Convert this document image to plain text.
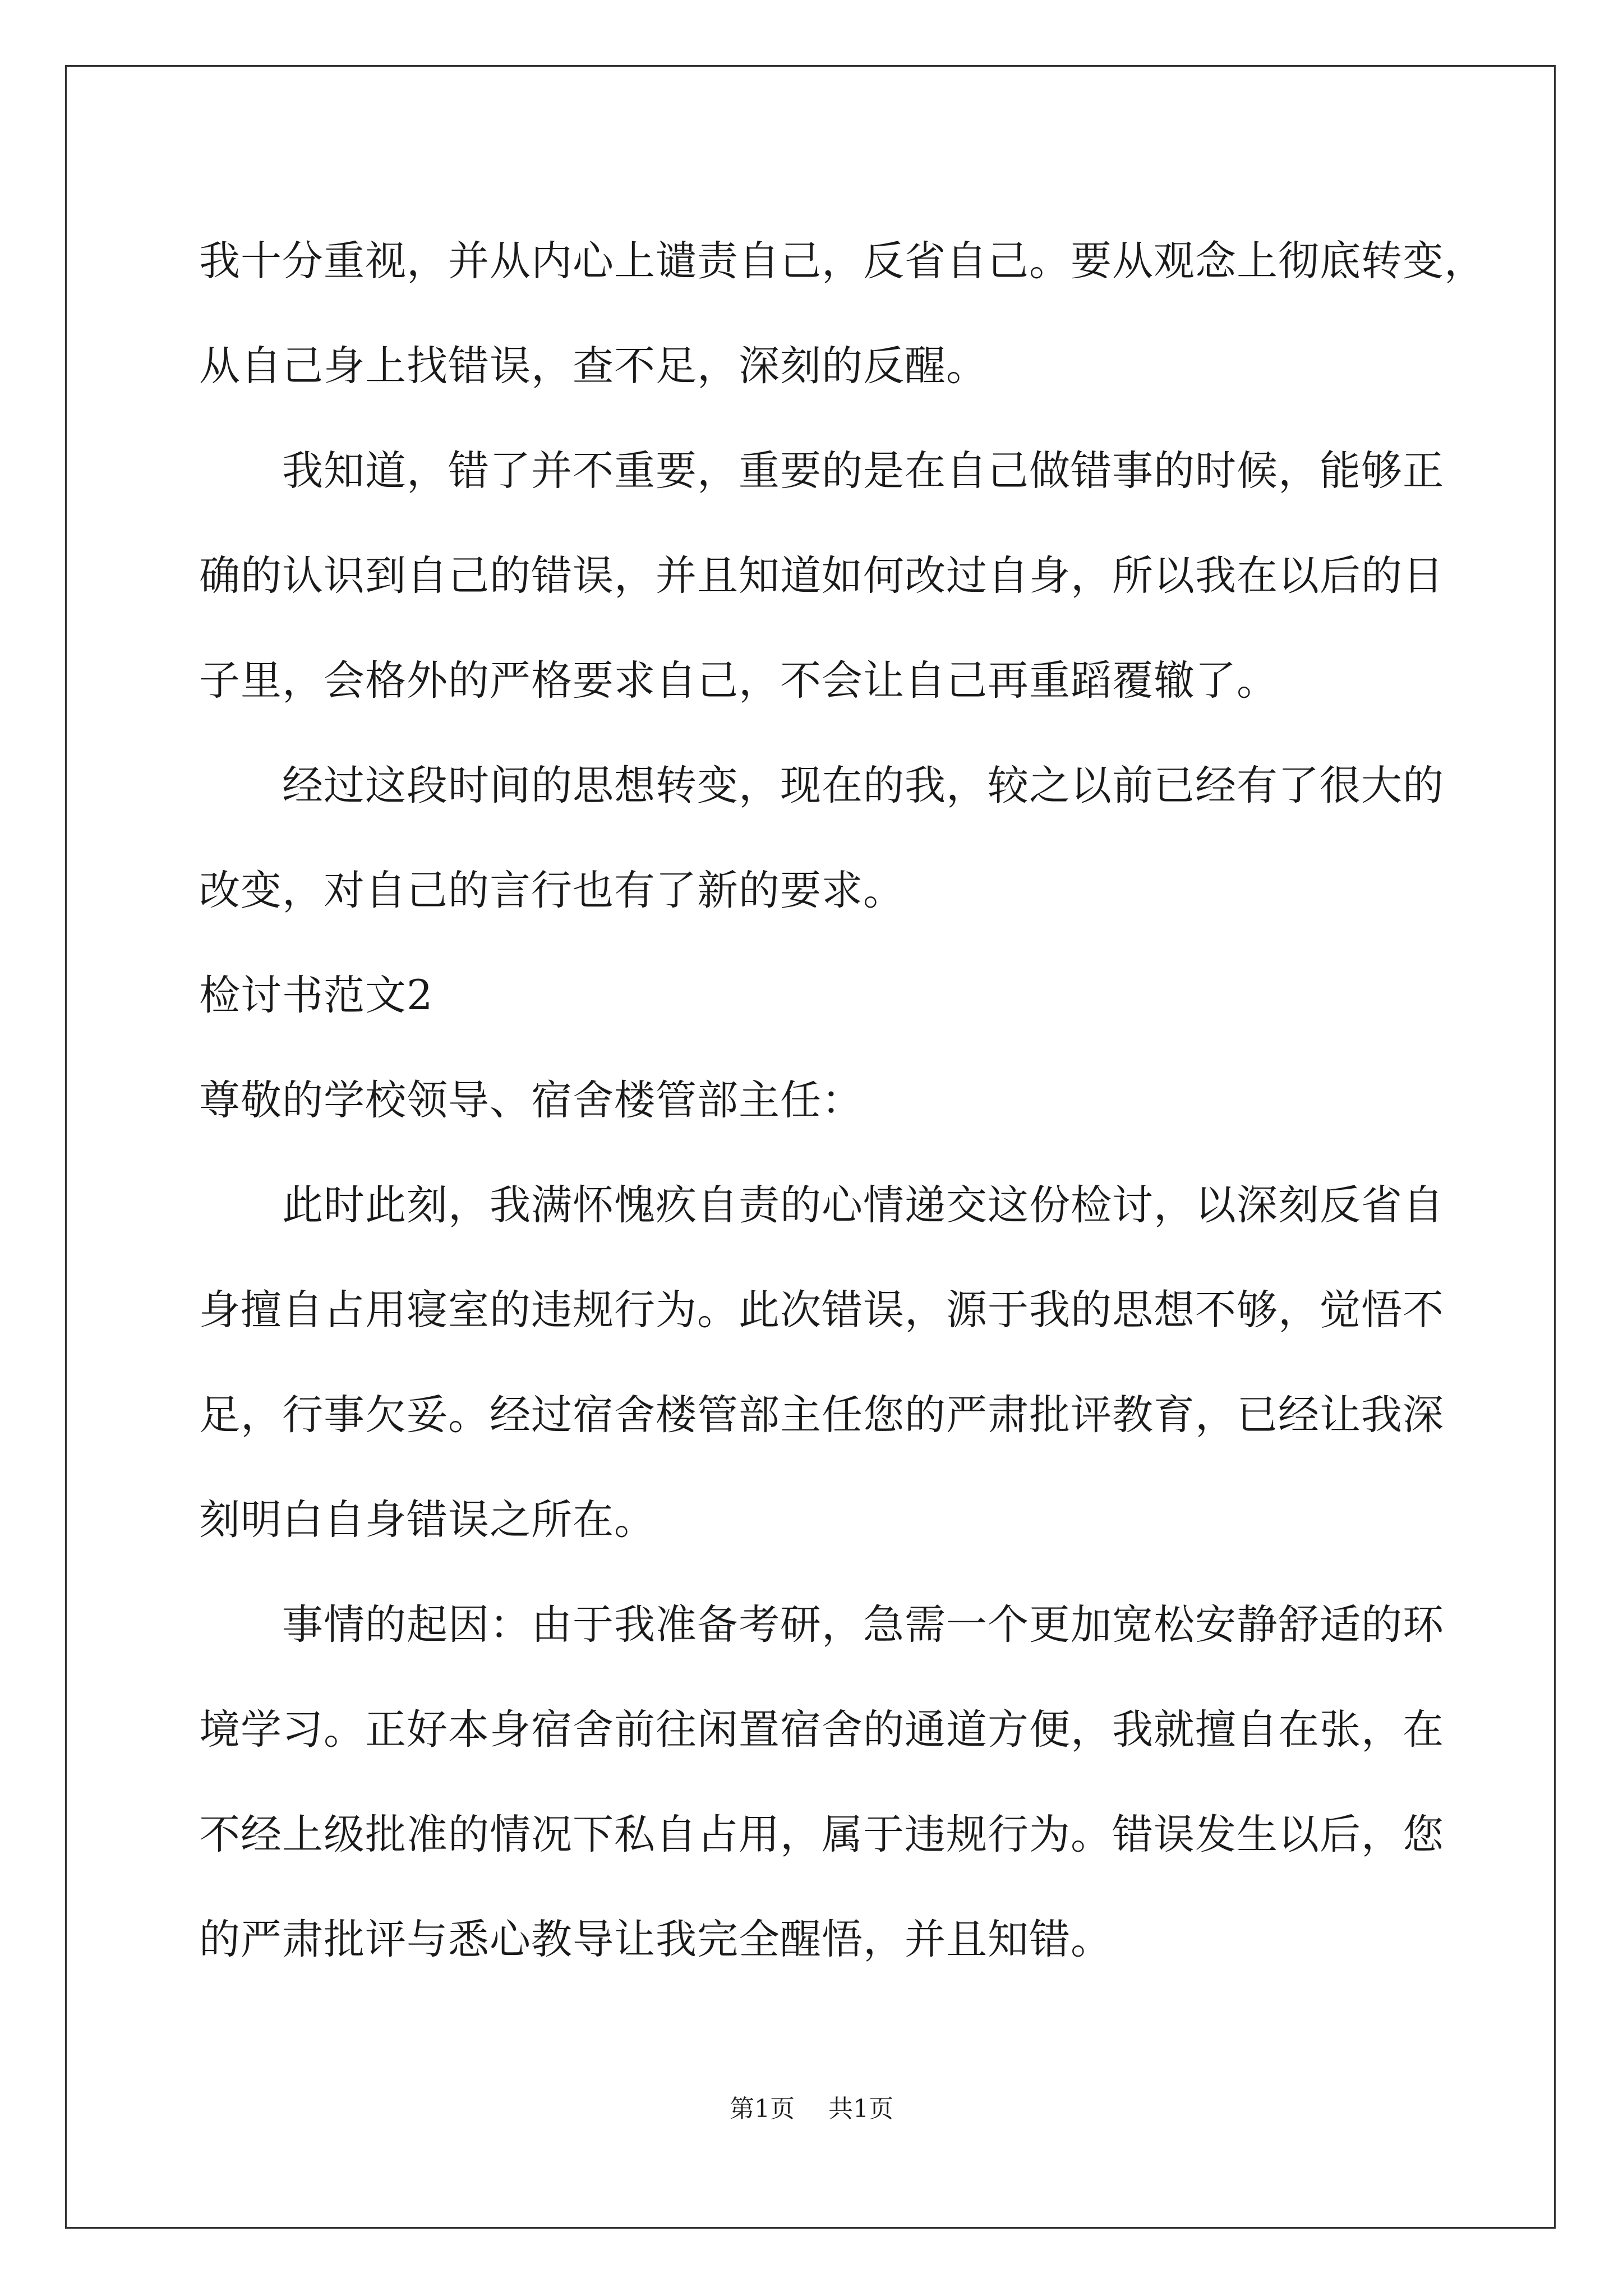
我十分重视，并从内心上谴责自己，反省自己。要从观念上彻底转变，
从自己身上找错误，查不足，深刻的反醒。
我知道，错了并不重要，重要的是在自己做错事的时候，能够正
确的认识到自己的错误，并且知道如何改过自身，所以我在以后的日
子里，会格外的严格要求自己，不会让自己再重蹈覆辙了。
经过这段时间的思想转变，现在的我，较之以前已经有了很大的
改变，对自己的言行也有了新的要求。
检讨书范文2
尊敬的学校领导、宿舍楼管部主任：
此时此刻，我满怀愧疚自责的心情递交这份检讨，以深刻反省自
身擅自占用寝室的违规行为。此次错误，源于我的思想不够，觉悟不
足，行事欠妥。经过宿舍楼管部主任您的严肃批评教育，已经让我深
刻明白自身错误之所在。
事情的起因：由于我准备考研，急需一个更加宽松安静舒适的环
境学习。正好本身宿舍前往闲置宿舍的通道方便，我就擅自在张，在
不经上级批准的情况下私自占用，属于违规行为。错误发生以后，您
的严肃批评与悉心教导让我完全醒悟，并且知错。
第1页 共1页
